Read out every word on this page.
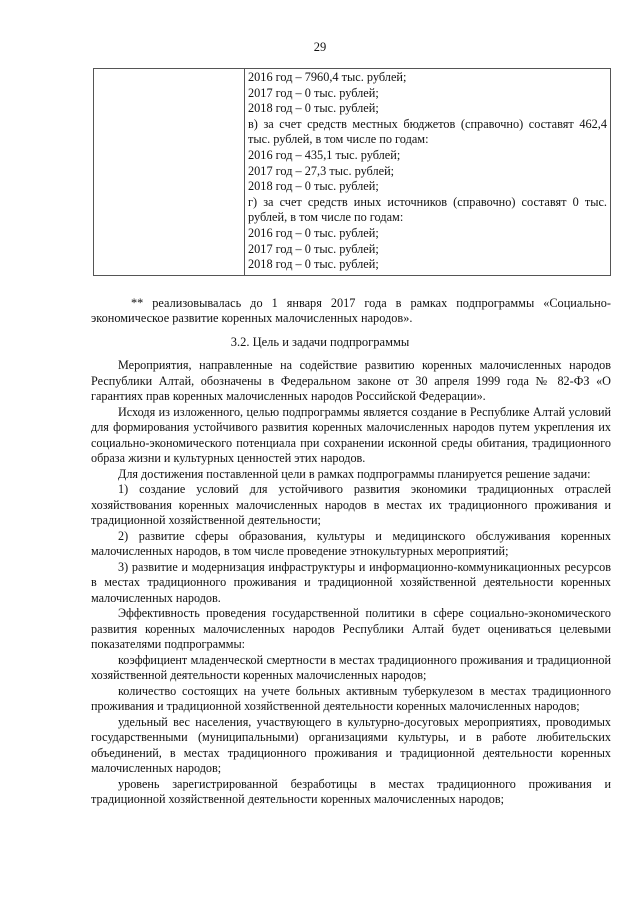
29

2016 год – 7960,4 тыс. рублей;
2017 год – 0 тыс. рублей;
2018 год – 0 тыс. рублей;
в) за счет средств местных бюджетов (справочно) составят 462,4 тыс. рублей, в том числе по годам:
2016 год – 435,1 тыс. рублей;
2017 год – 27,3 тыс. рублей;
2018 год – 0 тыс. рублей;
г) за счет средств иных источников (справочно) составят 0 тыс. рублей, в том числе по годам:
2016 год – 0 тыс. рублей;
2017 год – 0 тыс. рублей;
2018 год – 0 тыс. рублей;
** реализовывалась до 1 января 2017 года в рамках подпрограммы «Социально-
экономическое развитие коренных малочисленных народов».
3.2. Цель и задачи подпрограммы

Мероприятия, направленные на содействие развитию коренных малочисленных народов Республики Алтай, обозначены в Федеральном законе от 30 апреля 1999 года № 82-ФЗ «О гарантиях прав коренных малочисленных народов Российской Федерации».

Исходя из изложенного, целью подпрограммы является создание в Республике Алтай условий для формирования устойчивого развития коренных малочисленных народов путем укрепления их социально-экономического потенциала при сохранении исконной среды обитания, традиционного образа жизни и культурных ценностей этих народов.

Для достижения поставленной цели в рамках подпрограммы планируется решение задачи:

1) создание условий для устойчивого развития экономики традиционных отраслей хозяйствования коренных малочисленных народов в местах их традиционного проживания и традиционной хозяйственной деятельности;

2) развитие сферы образования, культуры и медицинского обслуживания коренных малочисленных народов, в том числе проведение этнокультурных мероприятий;

3) развитие и модернизация инфраструктуры и информационно-коммуникационных ресурсов в местах традиционного проживания и традиционной хозяйственной деятельности коренных малочисленных народов.

Эффективность проведения государственной политики в сфере социально-экономического развития коренных малочисленных народов Республики Алтай будет оцениваться целевыми показателями подпрограммы:

коэффициент младенческой смертности в местах традиционного проживания и традиционной хозяйственной деятельности коренных малочисленных народов;

количество состоящих на учете больных активным туберкулезом в местах традиционного проживания и традиционной хозяйственной деятельности коренных малочисленных народов;

удельный вес населения, участвующего в культурно-досуговых мероприятиях, проводимых государственными (муниципальными) организациями культуры, и в работе любительских объединений, в местах традиционного проживания и традиционной деятельности коренных малочисленных народов;

уровень зарегистрированной безработицы в местах традиционного проживания и традиционной хозяйственной деятельности коренных малочисленных народов;
